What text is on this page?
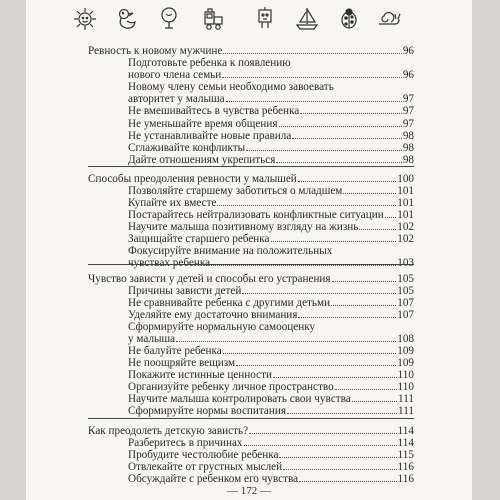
Ревность к новому мужчине	96
Подготовьте ребенка к появлению
нового члена семьи	96
Новому члену семьи необходимо завоевать
авторитет у малыша	97
Не вмешивайтесь в чувства ребенка	97
Не уменьшайте время общения	97
Не устанавливайте новые правила	98
Сглаживайте конфликты	98
Дайте отношениям укрепиться	98
Способы преодоления ревности у малышей	100
Позволяйте старшему заботиться о младшем	101
Купайте их вместе	101
Постарайтесь нейтрализовать конфликтные ситуации 101
Научите малыша позитивному взгляду на жизнь	102
Защищайте старшего ребенка	102
Фокусируйте внимание на положительных
чувствах ребенка	103
Чувство зависти у детей и способы его устранения	105
Причины зависти детей	105
Не сравнивайте ребенка с другими детьми	107
Уделяйте ему достаточно внимания	107
Сформируйте нормальную самооценку
у малыша	108
Не балуйте ребенка	109
Не поощряйте вещизм	109
Покажите истинные ценности	110
Организуйте ребенку личное пространство	110
Научите малыша контролировать свои чувства	111
Сформируйте нормы воспитания	111
Как преодолеть детскую зависть?	114
Разберитесь в причинах	114
Пробудите честолюбие ребенка	115
Отвлекайте от грустных мыслей	116
Обсуждайте с ребенком его чувства	116
— 172 —
